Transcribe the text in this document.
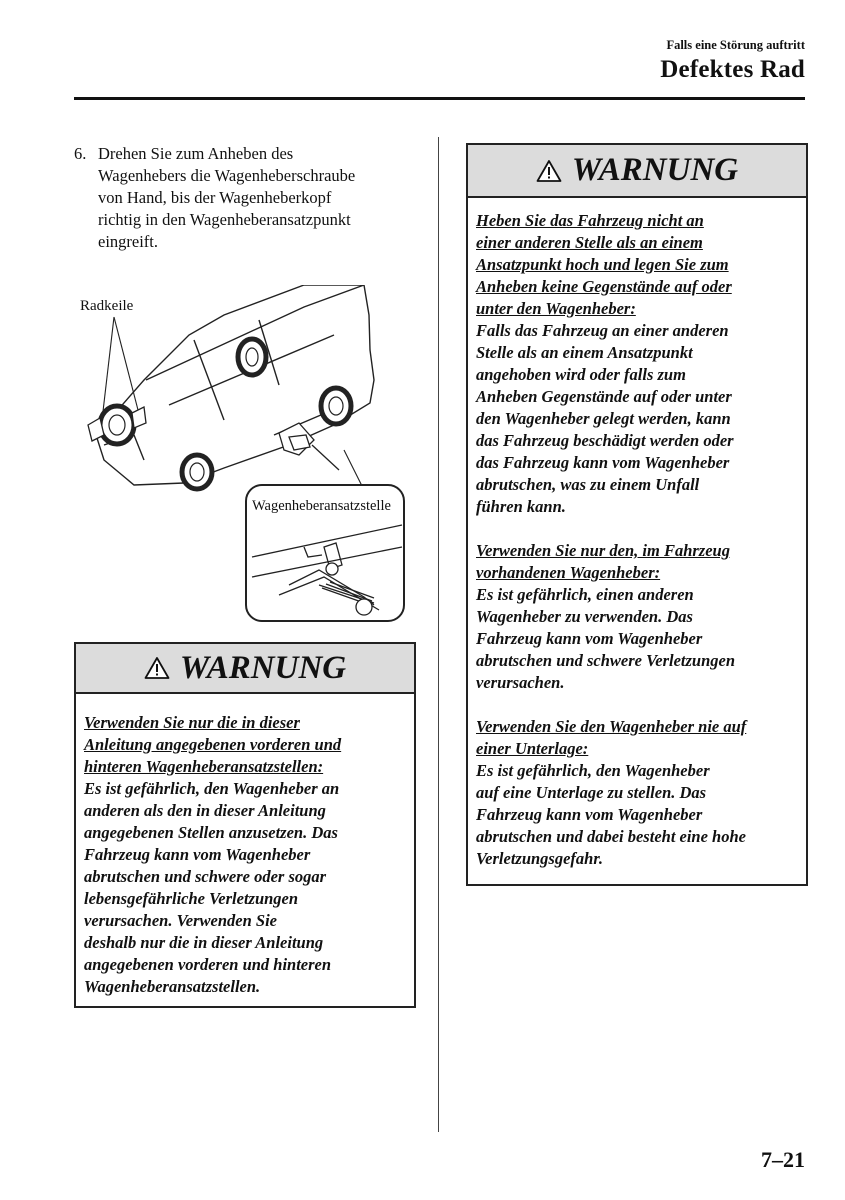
Falls eine Störung auftritt
Defektes Rad
6. Drehen Sie zum Anheben des
Wagenhebers die Wagenheberschraube
von Hand, bis der Wagenheberkopf
richtig in den Wagenheberansatzpunkt
eingreift.
Radkeile
Wagenheberansatzstelle
WARNUNG
Verwenden Sie nur die in dieser
Anleitung angegebenen vorderen und
hinteren Wagenheberansatzstellen:
Es ist gefährlich, den Wagenheber an
anderen als den in dieser Anleitung
angegebenen Stellen anzusetzen. Das
Fahrzeug kann vom Wagenheber
abrutschen und schwere oder sogar
lebensgefährliche Verletzungen
verursachen. Verwenden Sie
deshalb nur die in dieser Anleitung
angegebenen vorderen und hinteren
Wagenheberansatzstellen.
WARNUNG
Heben Sie das Fahrzeug nicht an
einer anderen Stelle als an einem
Ansatzpunkt hoch und legen Sie zum
Anheben keine Gegenstände auf oder
unter den Wagenheber:
Falls das Fahrzeug an einer anderen
Stelle als an einem Ansatzpunkt
angehoben wird oder falls zum
Anheben Gegenstände auf oder unter
den Wagenheber gelegt werden, kann
das Fahrzeug beschädigt werden oder
das Fahrzeug kann vom Wagenheber
abrutschen, was zu einem Unfall
führen kann.
Verwenden Sie nur den, im Fahrzeug
vorhandenen Wagenheber:
Es ist gefährlich, einen anderen
Wagenheber zu verwenden. Das
Fahrzeug kann vom Wagenheber
abrutschen und schwere Verletzungen
verursachen.
Verwenden Sie den Wagenheber nie auf
einer Unterlage:
Es ist gefährlich, den Wagenheber
auf eine Unterlage zu stellen. Das
Fahrzeug kann vom Wagenheber
abrutschen und dabei besteht eine hohe
Verletzungsgefahr.
7–21
